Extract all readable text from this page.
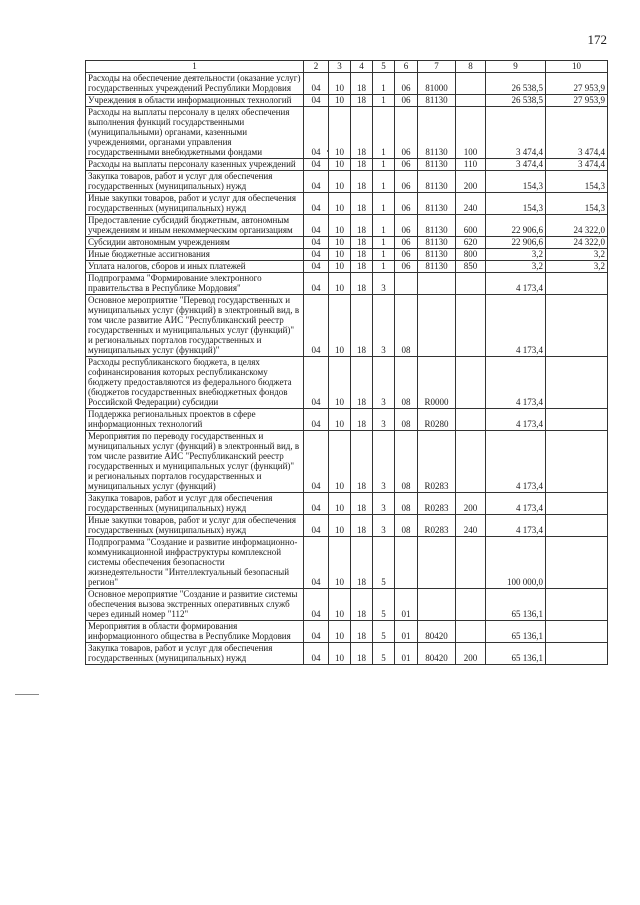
172
1	2	3	4	5	6	7	8	9	10
Расходы на обеспечение деятельности (оказание услуг) государственных учреждений Республики Мордовия	04	10	18	1	06	81000		26 538,5	27 953,9
Учреждения в области информационных технологий	04	10	18	1	06	81130		26 538,5	27 953,9
Расходы на выплаты персоналу в целях обеспечения выполнения функций государственными (муниципальными) органами, казенными учреждениями, органами управления государственными внебюджетными фондами	04	10	18	1	06	81130	100	3 474,4	3 474,4
Расходы на выплаты персоналу казенных учреждений	04	10	18	1	06	81130	110	3 474,4	3 474,4
Закупка товаров, работ и услуг для обеспечения государственных (муниципальных) нужд	04	10	18	1	06	81130	200	154,3	154,3
Иные закупки товаров, работ и услуг для обеспечения государственных (муниципальных) нужд	04	10	18	1	06	81130	240	154,3	154,3
Предоставление субсидий бюджетным, автономным учреждениям и иным некоммерческим организациям	04	10	18	1	06	81130	600	22 906,6	24 322,0
Субсидии автономным учреждениям	04	10	18	1	06	81130	620	22 906,6	24 322,0
Иные бюджетные ассигнования	04	10	18	1	06	81130	800	3,2	3,2
Уплата налогов, сборов и иных платежей	04	10	18	1	06	81130	850	3,2	3,2
Подпрограмма "Формирование электронного правительства в Республике Мордовия"	04	10	18	3				4 173,4	
Основное мероприятие "Перевод государственных и муниципальных услуг (функций) в электронный вид, в том числе развитие АИС "Республиканский реестр государственных и муниципальных услуг (функций)" и региональных порталов государственных и муниципальных услуг (функций)"	04	10	18	3	08			4 173,4	
Расходы республиканского бюджета, в целях софинансирования которых республиканскому бюджету предоставляются из федерального бюджета (бюджетов государственных внебюджетных фондов Российской Федерации) субсидии	04	10	18	3	08	R0000		4 173,4	
Поддержка региональных проектов в сфере информационных технологий	04	10	18	3	08	R0280		4 173,4	
Мероприятия по переводу государственных и муниципальных услуг (функций) в электронный вид, в том числе развитие АИС "Республиканский реестр государственных и муниципальных услуг (функций)" и региональных порталов государственных и муниципальных услуг (функций)	04	10	18	3	08	R0283		4 173,4	
Закупка товаров, работ и услуг для обеспечения государственных (муниципальных) нужд	04	10	18	3	08	R0283	200	4 173,4	
Иные закупки товаров, работ и услуг для обеспечения государственных (муниципальных) нужд	04	10	18	3	08	R0283	240	4 173,4	
Подпрограмма "Создание и развитие информационно-коммуникационной инфраструктуры комплексной системы обеспечения безопасности жизнедеятельности "Интеллектуальный безопасный регион"	04	10	18	5				100 000,0	
Основное мероприятие "Создание и развитие системы обеспечения вызова экстренных оперативных служб через единый номер "112"	04	10	18	5	01			65 136,1	
Мероприятия в области формирования информационного общества в Республике Мордовия	04	10	18	5	01	80420		65 136,1	
Закупка товаров, работ и услуг для обеспечения государственных (муниципальных) нужд	04	10	18	5	01	80420	200	65 136,1	
